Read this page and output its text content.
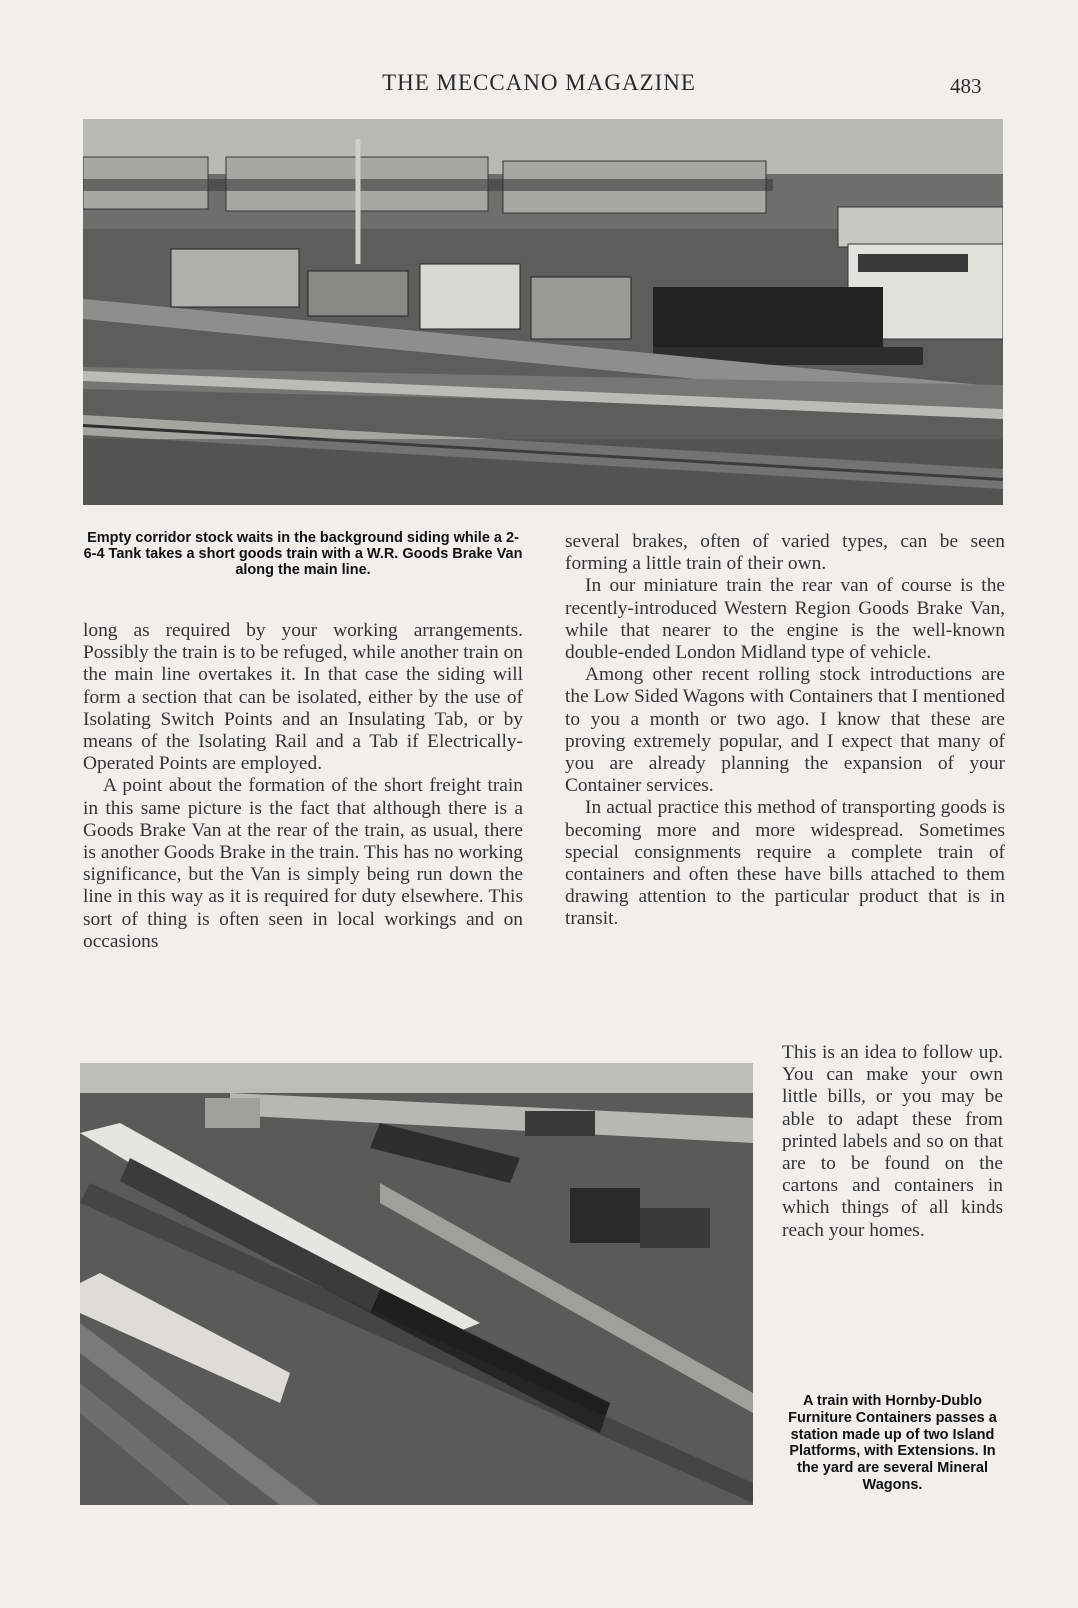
THE MECCANO MAGAZINE	483
Empty corridor stock waits in the background siding while a 2-6-4 Tank takes a short goods train with a W.R. Goods Brake Van along the main line.

long as required by your working arrangements. Possibly the train is to be refuged, while another train on the main line overtakes it. In that case the siding will form a section that can be isolated, either by the use of Isolating Switch Points and an Insulating Tab, or by means of the Isolating Rail and a Tab if Electrically-Operated Points are employed.

A point about the formation of the short freight train in this same picture is the fact that although there is a Goods Brake Van at the rear of the train, as usual, there is another Goods Brake in the train. This has no working significance, but the Van is simply being run down the line in this way as it is required for duty elsewhere. This sort of thing is often seen in local workings and on occasions

several brakes, often of varied types, can be seen forming a little train of their own.

In our miniature train the rear van of course is the recently-introduced Western Region Goods Brake Van, while that nearer to the engine is the well-known double-ended London Midland type of vehicle.

Among other recent rolling stock introductions are the Low Sided Wagons with Containers that I mentioned to you a month or two ago. I know that these are proving extremely popular, and I expect that many of you are already planning the expansion of your Container services.

In actual practice this method of transporting goods is becoming more and more widespread. Sometimes special consignments require a complete train of containers and often these have bills attached to them drawing attention to the particular product that is in transit.

This is an idea to follow up. You can make your own little bills, or you may be able to adapt these from printed labels and so on that are to be found on the cartons and containers in which things of all kinds reach your homes.

A train with Hornby-Dublo Furniture Containers passes a station made up of two Island Platforms, with Extensions. In the yard are several Mineral Wagons.
